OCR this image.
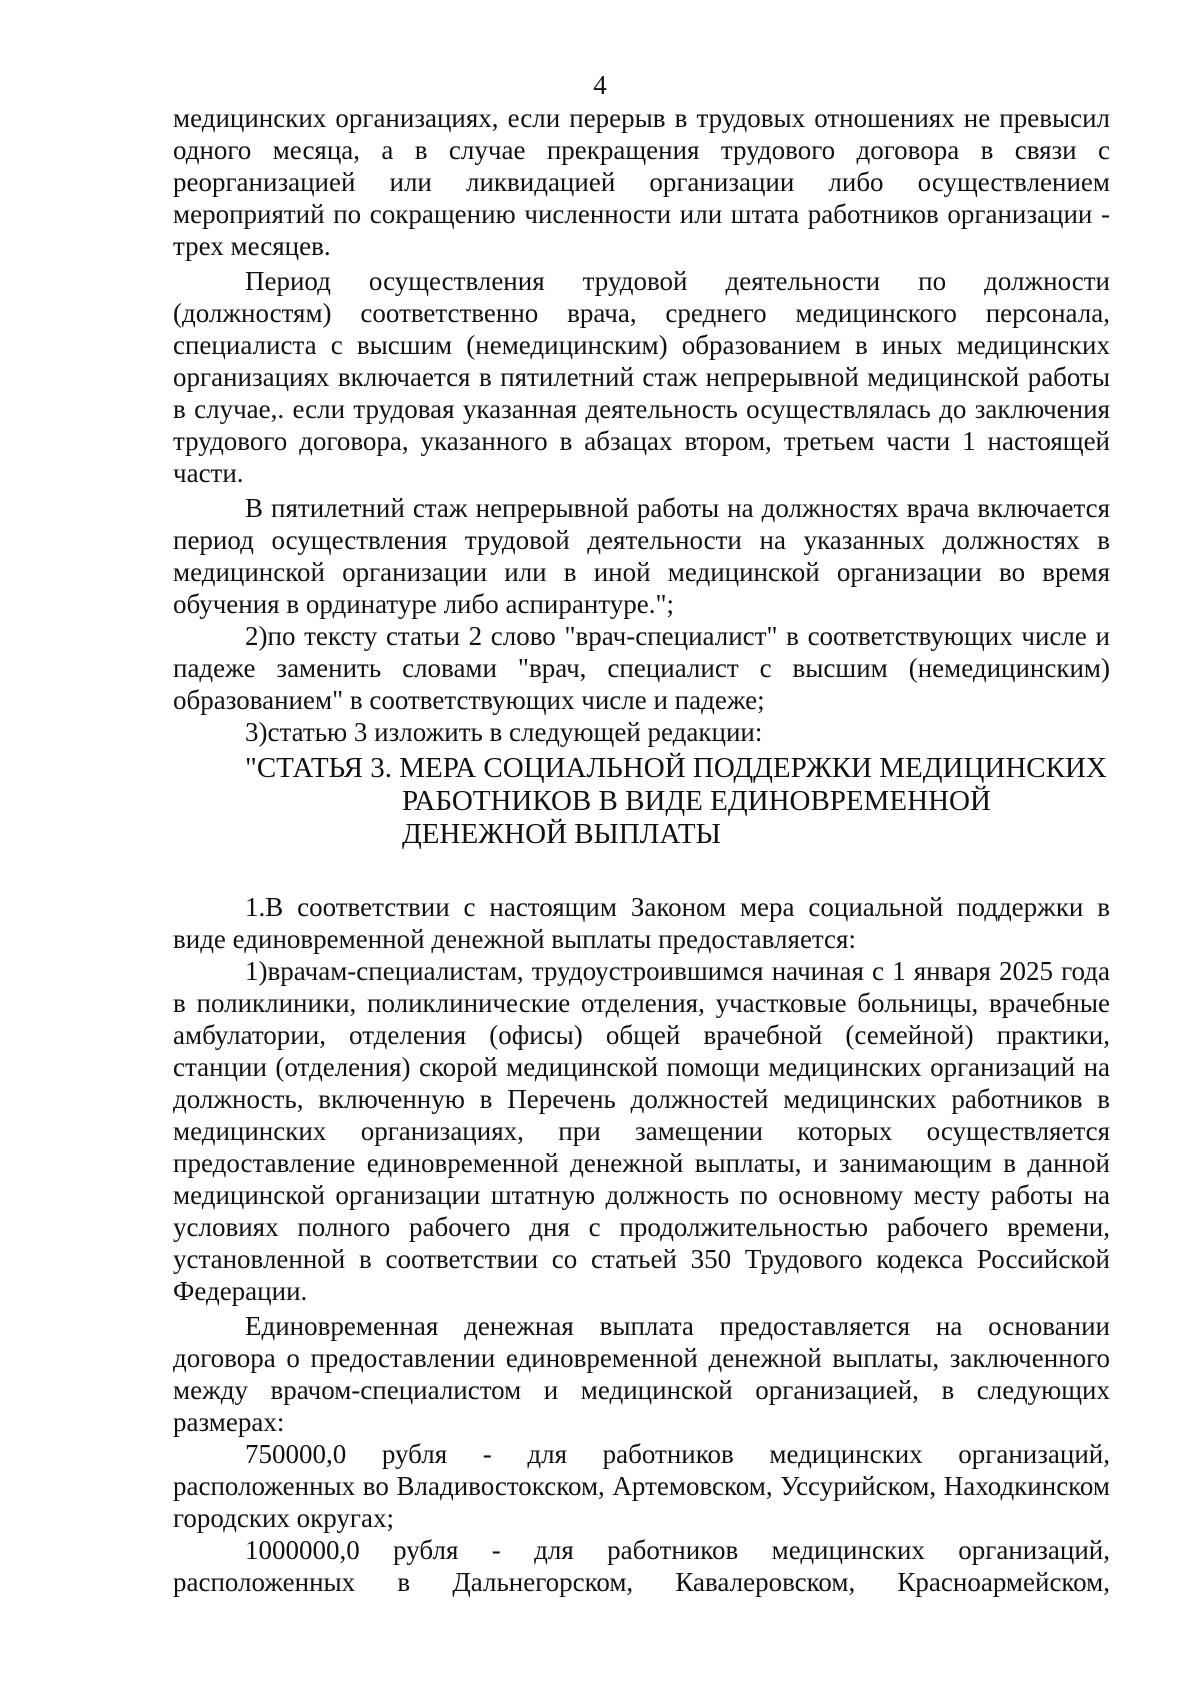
4

медицинских организациях, если перерыв в трудовых отношениях не превысил одного месяца, а в случае прекращения трудового договора в связи с реорганизацией или ликвидацией организации либо осуществлением мероприятий по сокращению численности или штата работников организации - трех месяцев.

Период осуществления трудовой деятельности по должности (должностям) соответственно врача, среднего медицинского персонала, специалиста с высшим (немедицинским) образованием в иных медицинских организациях включается в пятилетний стаж непрерывной медицинской работы в случае,. если трудовая указанная деятельность осуществлялась до заключения трудового договора, указанного в абзацах втором, третьем части 1 настоящей части.

В пятилетний стаж непрерывной работы на должностях врача включается период осуществления трудовой деятельности на указанных должностях в медицинской организации или в иной медицинской организации во время обучения в ординатуре либо аспирантуре.";

2)по тексту статьи 2 слово "врач-специалист" в соответствующих числе и падеже заменить словами "врач, специалист с высшим (немедицинским) образованием" в соответствующих числе и падеже;

3)статью 3 изложить в следующей редакции:

"СТАТЬЯ 3. МЕРА СОЦИАЛЬНОЙ ПОДДЕРЖКИ МЕДИЦИНСКИХ
РАБОТНИКОВ В ВИДЕ ЕДИНОВРЕМЕННОЙ
ДЕНЕЖНОЙ ВЫПЛАТЫ

1.В соответствии с настоящим Законом мера социальной поддержки в виде единовременной денежной выплаты предоставляется:

1)врачам-специалистам, трудоустроившимся начиная с 1 января 2025 года в поликлиники, поликлинические отделения, участковые больницы, врачебные амбулатории, отделения (офисы) общей врачебной (семейной) практики, станции (отделения) скорой медицинской помощи медицинских организаций на должность, включенную в Перечень должностей медицинских работников в медицинских организациях, при замещении которых осуществляется предоставление единовременной денежной выплаты, и занимающим в данной медицинской организации штатную должность по основному месту работы на условиях полного рабочего дня с продолжительностью рабочего времени, установленной в соответствии со статьей 350 Трудового кодекса Российской Федерации.

Единовременная денежная выплата предоставляется на основании договора о предоставлении единовременной денежной выплаты, заключенного между врачом-специалистом и медицинской организацией, в следующих размерах:

750000,0 рубля - для работников медицинских организаций, расположенных во Владивостокском, Артемовском, Уссурийском, Находкинском городских округах;

1000000,0 рубля - для работников медицинских организаций, расположенных в Дальнегорском, Кавалеровском, Красноармейском,
